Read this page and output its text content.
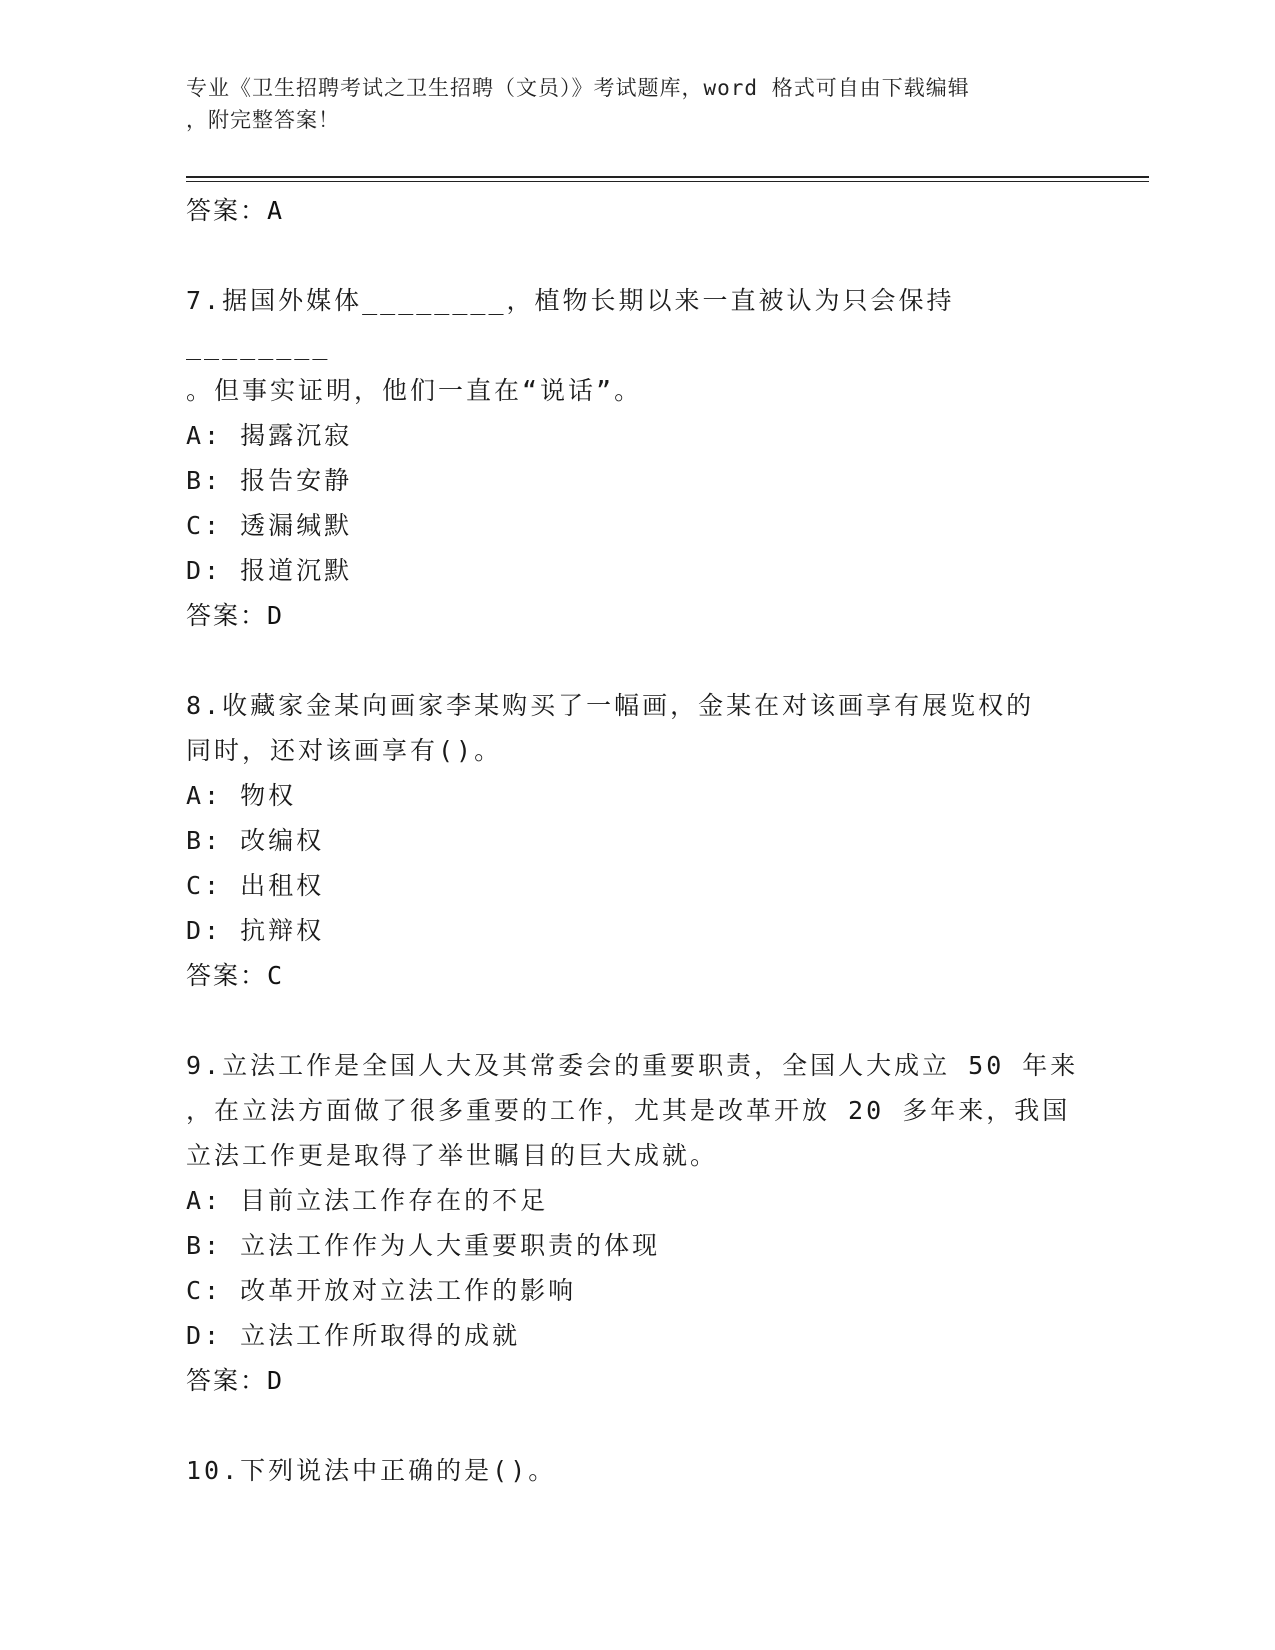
专业《卫生招聘考试之卫生招聘（文员）》考试题库，word 格式可自由下载编辑
，附完整答案！

答案：A

7.据国外媒体________，植物长期以来一直被认为只会保持________

。但事实证明，他们一直在“说话”。

A: 揭露沉寂

B: 报告安静

C: 透漏缄默

D: 报道沉默

答案：D

8.收藏家金某向画家李某购买了一幅画，金某在对该画享有展览权的

同时，还对该画享有()。

A: 物权

B: 改编权

C: 出租权

D: 抗辩权

答案：C

9.立法工作是全国人大及其常委会的重要职责，全国人大成立 50 年来

，在立法方面做了很多重要的工作，尤其是改革开放 20 多年来，我国

立法工作更是取得了举世瞩目的巨大成就。

A: 目前立法工作存在的不足

B: 立法工作作为人大重要职责的体现

C: 改革开放对立法工作的影响

D: 立法工作所取得的成就

答案：D

10.下列说法中正确的是()。
